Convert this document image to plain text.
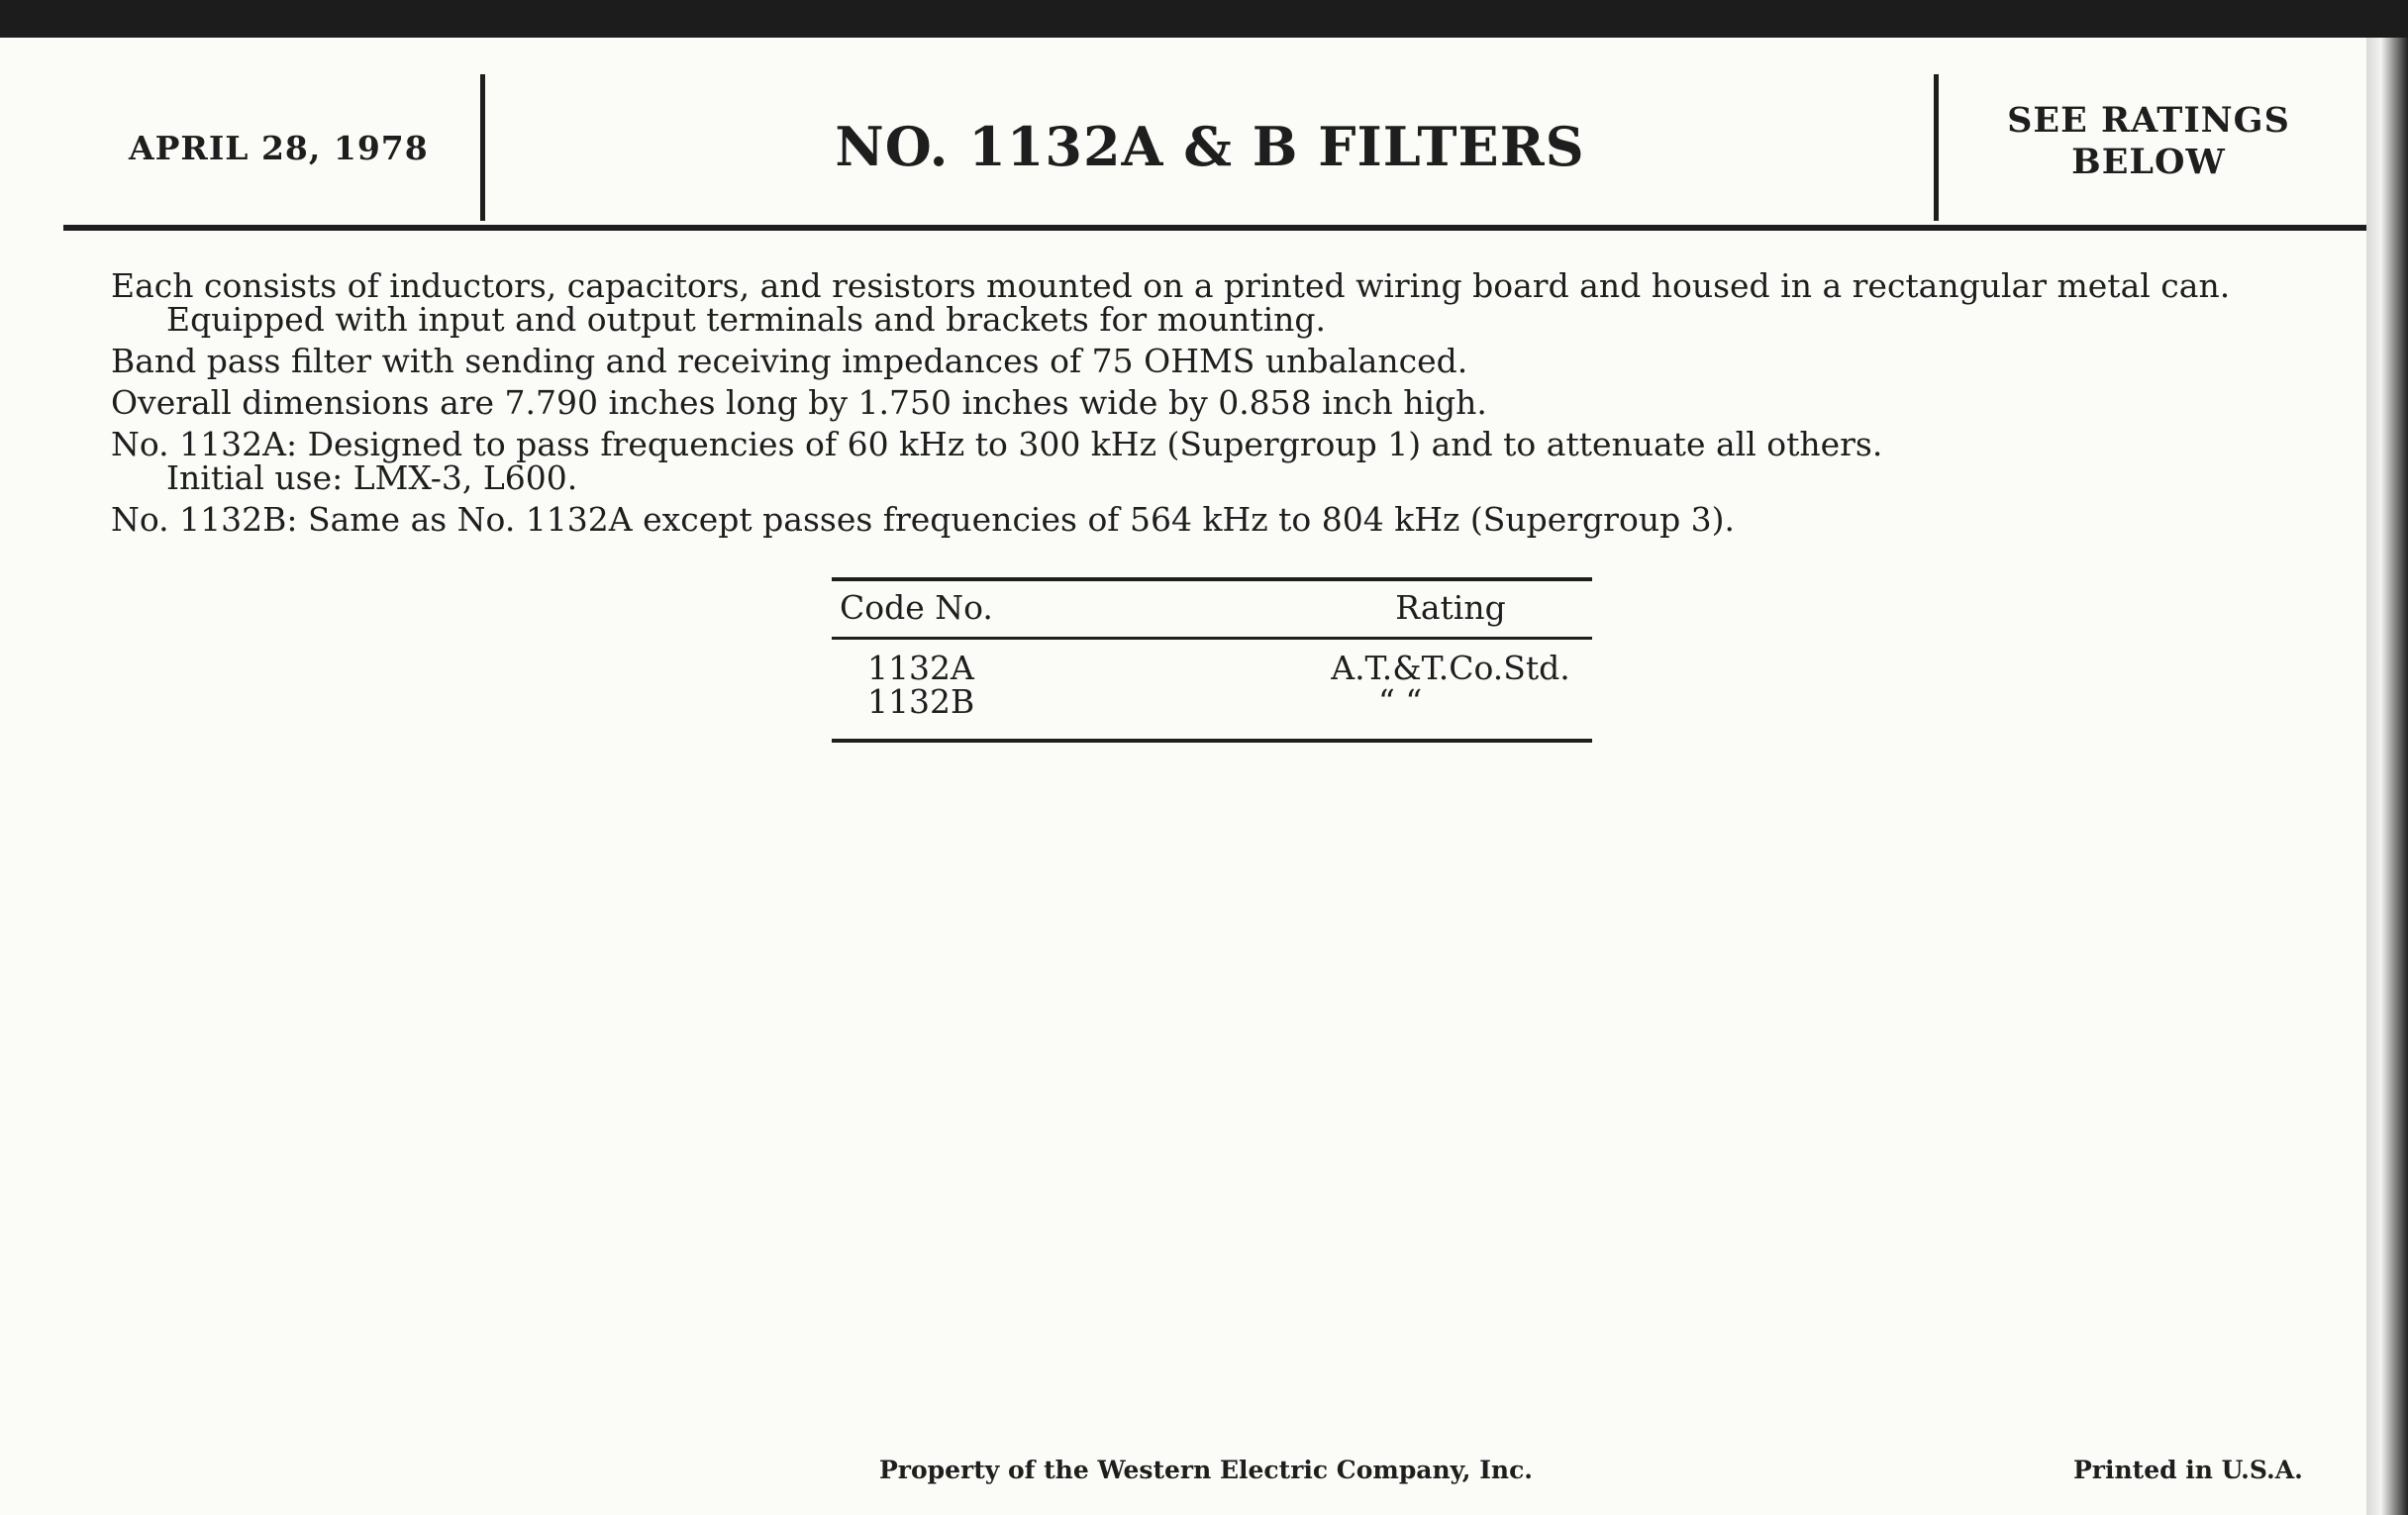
APRIL 28, 1978	NO. 1132A & B FILTERS	SEE RATINGS
BELOW
Each consists of inductors, capacitors, and resistors mounted on a printed wiring board and housed in a rectangular metal can.
Equipped with input and output terminals and brackets for mounting.
Band pass filter with sending and receiving impedances of 75 OHMS unbalanced.
Overall dimensions are 7.790 inches long by 1.750 inches wide by 0.858 inch high.
No. 1132A: Designed to pass frequencies of 60 kHz to 300 kHz (Supergroup 1) and to attenuate all others.
Initial use: LMX-3, L600.
No. 1132B: Same as No. 1132A except passes frequencies of 564 kHz to 804 kHz (Supergroup 3).
Code No.	Rating
1132A	A.T.&T.Co.Std.
1132B	“ “
Property of the Western Electric Company, Inc.	Printed in U.S.A.
